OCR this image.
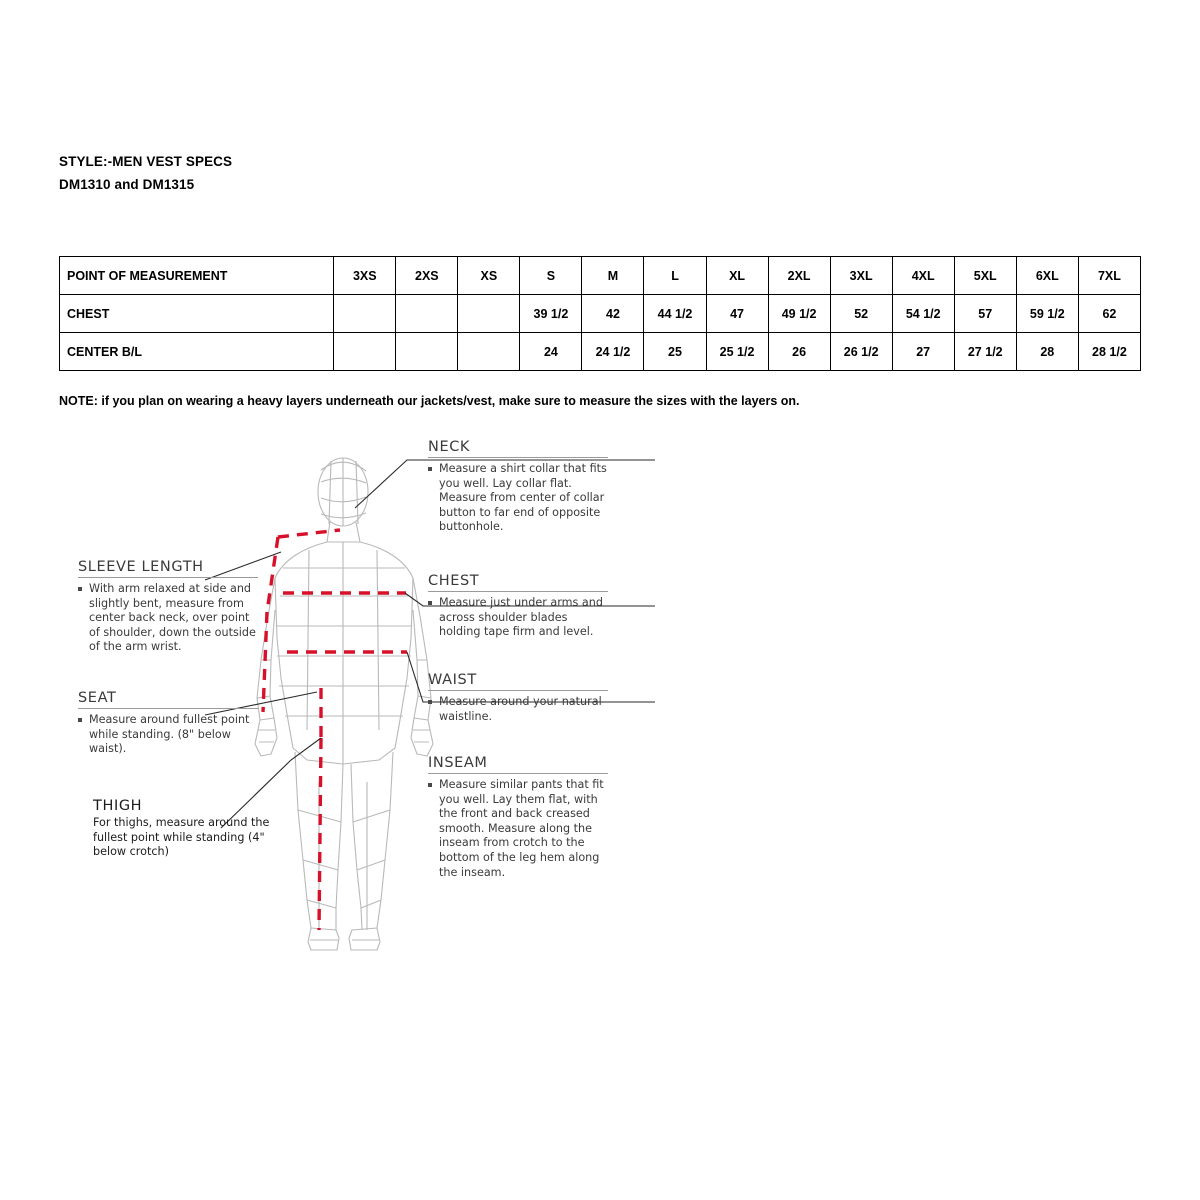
STYLE:-MEN VEST SPECS
DM1310 and DM1315
POINT OF MEASUREMENT	3XS	2XS	XS	S	M	L	XL	2XL	3XL	4XL	5XL	6XL	7XL
CHEST				39 1/2	42	44 1/2	47	49 1/2	52	54 1/2	57	59 1/2	62
CENTER B/L				24	24 1/2	25	25 1/2	26	26 1/2	27	27 1/2	28	28 1/2
NOTE: if you plan on wearing a heavy layers underneath our jackets/vest, make sure to measure the sizes with the layers on.
NECK
Measure a shirt collar that fits you well. Lay collar flat. Measure from center of collar button to far end of opposite buttonhole.
CHEST
Measure just under arms and across shoulder blades holding tape firm and level.
WAIST
Measure around your natural waistline.
INSEAM
Measure similar pants that fit you well. Lay them flat, with the front and back creased smooth. Measure along the inseam from crotch to the bottom of the leg hem along the inseam.
SLEEVE LENGTH
With arm relaxed at side and slightly bent, measure from center back neck, over point of shoulder, down the outside of the arm wrist.
SEAT
Measure around fullest point while standing. (8" below waist).
THIGH
For thighs, measure around the fullest point while standing (4" below crotch)
